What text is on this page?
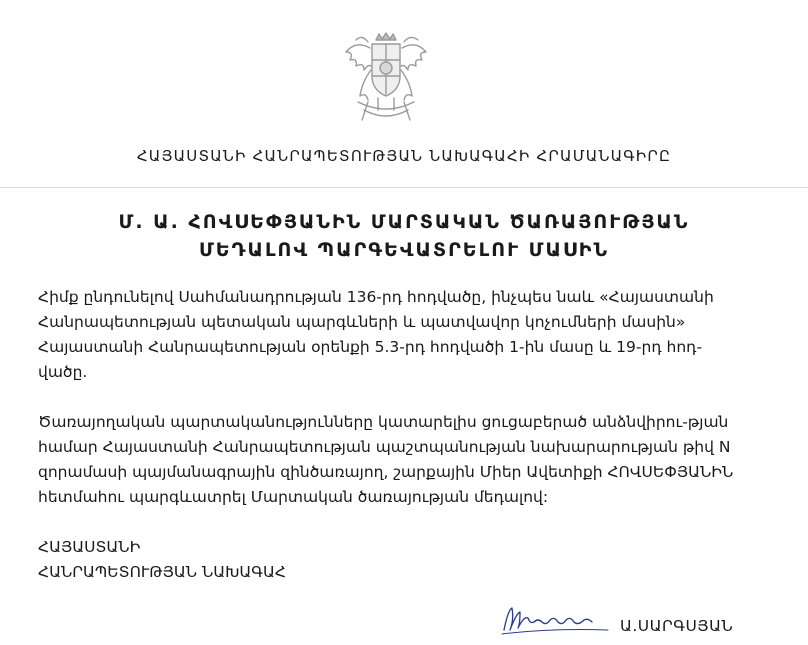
ՀԱՅԱՍՏԱՆԻ ՀԱՆՐԱՊԵՏՈՒԹՅԱՆ ՆԱԽԱԳԱՀԻ ՀՐԱՄԱՆԱԳԻՐԸ
Մ. Ա. ՀՈՎՍԵՓՅԱՆԻՆ ՄԱՐՏԱԿԱՆ ԾԱՌԱՅՈՒԹՅԱՆ
ՄԵԴԱԼՈՎ ՊԱՐԳԵՎԱՏՐԵԼՈՒ ՄԱՍԻՆ
Հիմք ընդունելով Սահմանադրության 136-րդ հոդվածը, ինչպես նաև «Հայաստանի Հանրապետության պետական պարգևների և պատվավոր կոչումների մասին» Հայաստանի Հանրապետության օրենքի 5.3-րդ հոդվածի 1-ին մասը և 19-րդ հոդ-վածը.
Ծառայողական պարտականությունները կատարելիս ցուցաբերած անձնվիրու-թյան համար Հայաստանի Հանրապետության պաշտպանության նախարարության թիվ N զորամասի պայմանագրային զինծառայող, շարքային Միեր Ավետիքի ՀՈՎՍԵՓՅԱՆԻՆ հետմահու պարգևատրել Մարտական ծառայության մեդալով:
ՀԱՅԱՍՏԱՆԻ
ՀԱՆՐԱՊԵՏՈՒԹՅԱՆ ՆԱԽԱԳԱՀ
Ա.ՍԱՐԳՍՅԱՆ
